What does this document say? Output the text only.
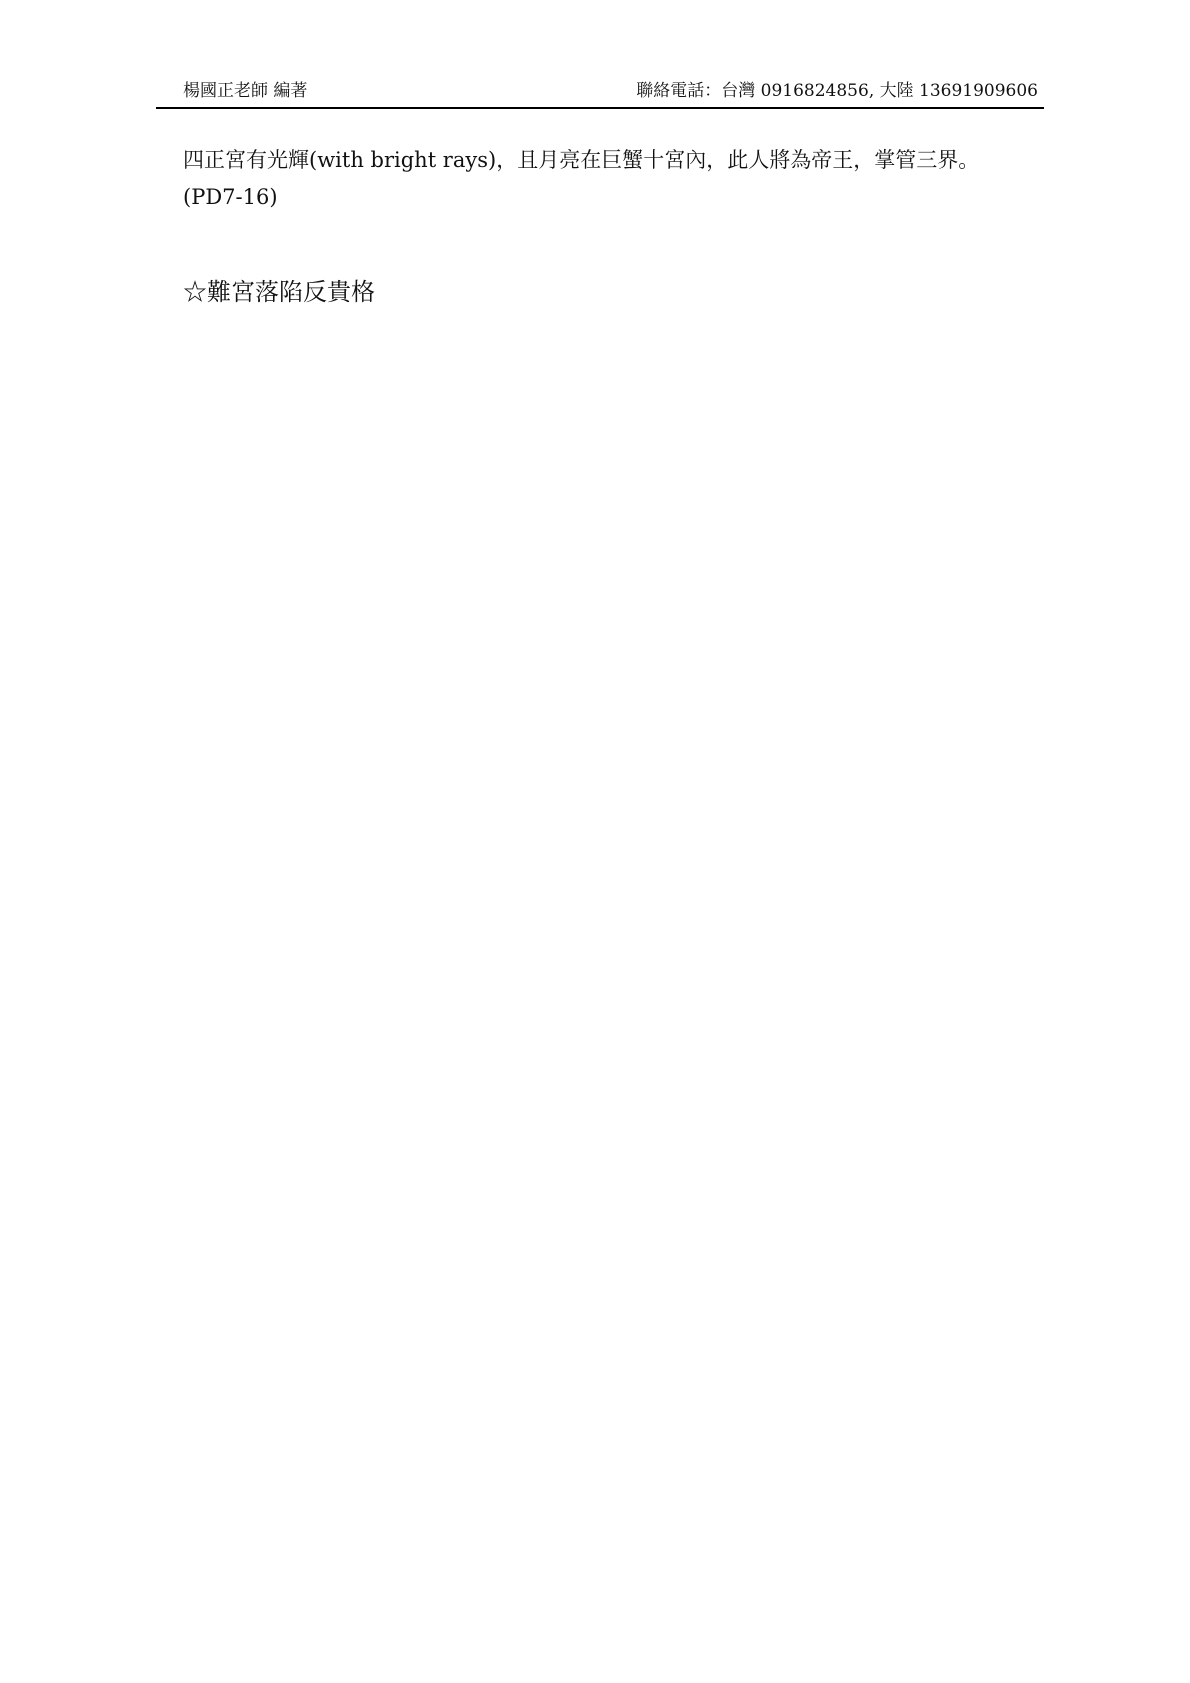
楊國正老師 編著	聯絡電話：台灣 0916824856, 大陸 13691909606
四正宮有光輝(with bright rays)，且月亮在巨蟹十宮內，此人將為帝王，掌管三界。(PD7-16)
☆難宮落陷反貴格
